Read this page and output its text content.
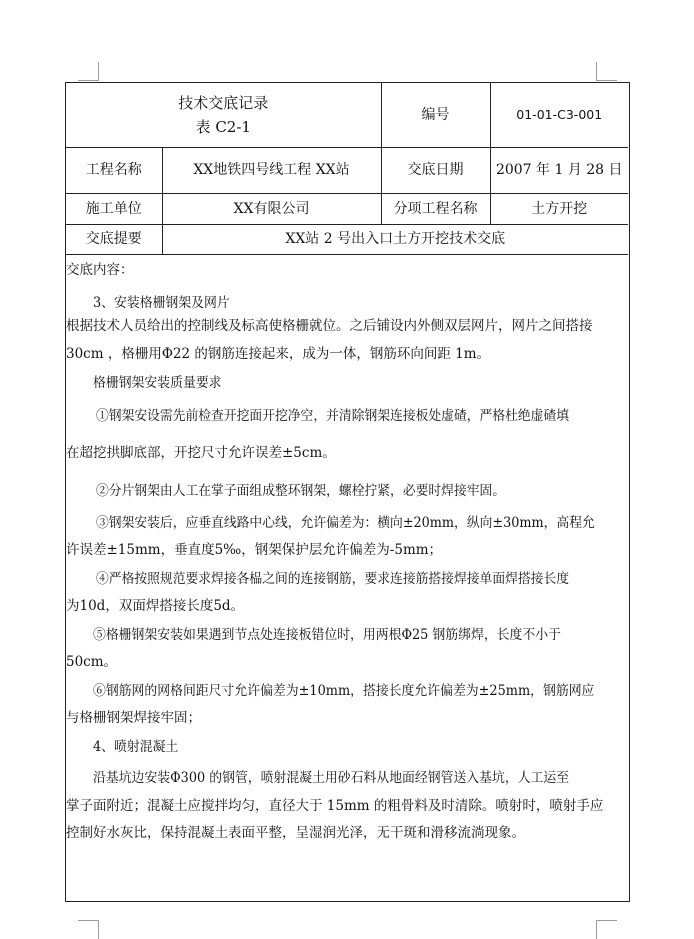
技术交底记录
表 C2-1		编号	01-01-C3-001
工程名称	XX地铁四号线工程 XX站	交底日期	2007 年 1 月 28 日
施工单位	XX有限公司	分项工程名称	土方开挖
交底提要	XX站 2 号出入口土方开挖技术交底		
交底内容：
3、安装格栅钢架及网片
根据技术人员给出的控制线及标高使格栅就位。之后铺设内外侧双层网片，网片之间搭接
30cm ，格栅用Φ22 的钢筋连接起来，成为一体，钢筋环向间距 1m。
格栅钢架安装质量要求
①钢架安设需先前检查开挖面开挖净空，并清除钢架连接板处虚碴，严格杜绝虚碴填
在超挖拱脚底部，开挖尺寸允许误差±5cm。
②分片钢架由人工在掌子面组成整环钢架，螺栓拧紧，必要时焊接牢固。
③钢架安装后，应垂直线路中心线，允许偏差为：横向±20mm，纵向±30mm，高程允
许误差±15mm，垂直度5‰，钢架保护层允许偏差为-5mm；
④严格按照规范要求焊接各榀之间的连接钢筋，要求连接筋搭接焊接单面焊搭接长度
为10d，双面焊搭接长度5d。
⑤格栅钢架安装如果遇到节点处连接板错位时，用两根Φ25 钢筋绑焊，长度不小于
50cm。
⑥钢筋网的网格间距尺寸允许偏差为±10mm，搭接长度允许偏差为±25mm，钢筋网应
与格栅钢架焊接牢固；
4、喷射混凝土
沿基坑边安装Φ300 的钢管，喷射混凝土用砂石料从地面经钢管送入基坑，人工运至
掌子面附近；混凝土应搅拌均匀，直径大于 15mm 的粗骨料及时清除。喷射时，喷射手应
控制好水灰比，保持混凝土表面平整，呈湿润光泽，无干斑和滑移流淌现象。
